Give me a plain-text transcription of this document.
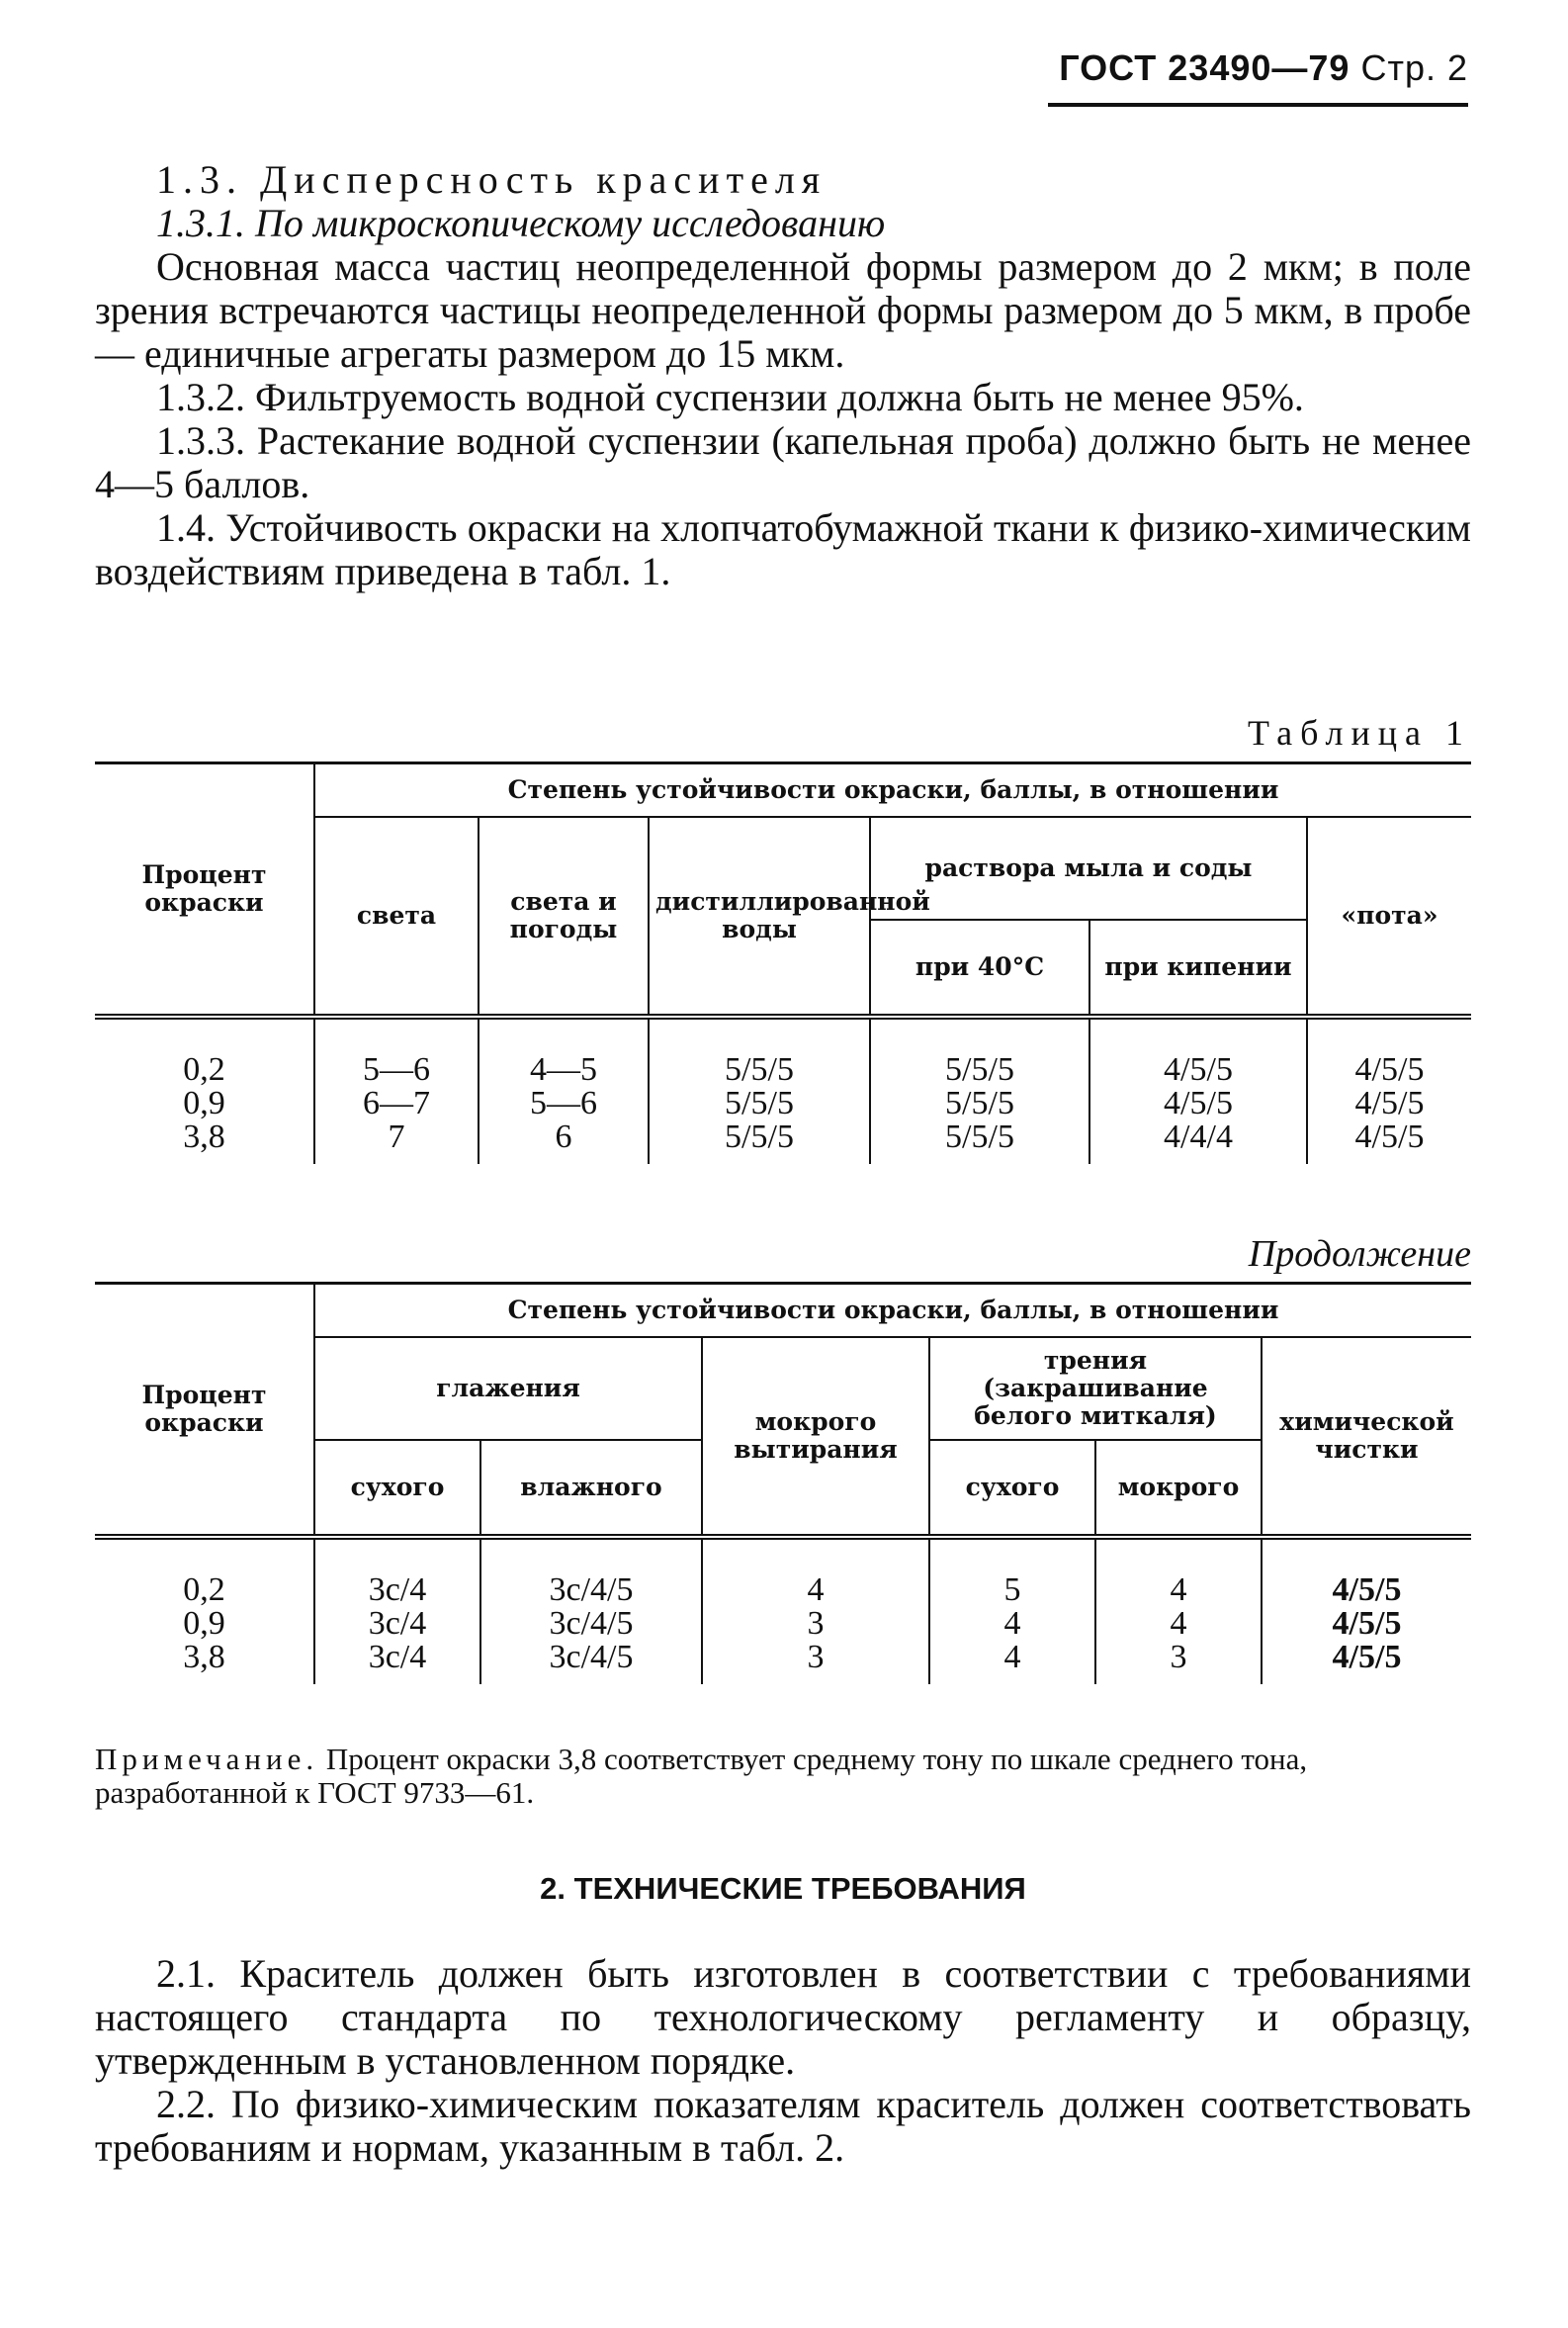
ГОСТ 23490—79 Стр. 2

1.3. Дисперсность красителя

1.3.1. По микроскопическому исследованию

Основная масса частиц неопределенной формы размером до 2 мкм; в поле зрения встречаются частицы неопределенной формы размером до 5 мкм, в пробе — единичные агрегаты размером до 15 мкм.

1.3.2. Фильтруемость водной суспензии должна быть не менее 95%.

1.3.3. Растекание водной суспензии (капельная проба) должно быть не менее 4—5 баллов.

1.4. Устойчивость окраски на хлопчатобумажной ткани к физико-химическим воздействиям приведена в табл. 1.

Таблица 1
Процент окраски	Степень устойчивости окраски, баллы, в отношении					
	света	света и погоды	дистиллированной воды	раствора мыла и соды		«пота»
				при 40°C	при кипении	
0,2	5—6	4—5	5/5/5	5/5/5	4/5/5	4/5/5
0,9	6—7	5—6	5/5/5	5/5/5	4/5/5	4/5/5
3,8	7	6	5/5/5	5/5/5	4/4/4	4/5/5
Продолжение
Процент окраски	Степень устойчивости окраски, баллы, в отношении					
	глажения		мокрого вытирания	трения (закрашивание белого миткаля)		химической чистки
	сухого	влажного		сухого	мокрого	
0,2	3с/4	3с/4/5	4	5	4	4/5/5
0,9	3с/4	3с/4/5	3	4	4	4/5/5
3,8	3с/4	3с/4/5	3	4	3	4/5/5
Примечание. Процент окраски 3,8 соответствует среднему тону по шкале среднего тона, разработанной к ГОСТ 9733—61.
2. ТЕХНИЧЕСКИЕ ТРЕБОВАНИЯ

2.1. Краситель должен быть изготовлен в соответствии с требованиями настоящего стандарта по технологическому регламенту и образцу, утвержденным в установленном порядке.

2.2. По физико-химическим показателям краситель должен соответствовать требованиям и нормам, указанным в табл. 2.
